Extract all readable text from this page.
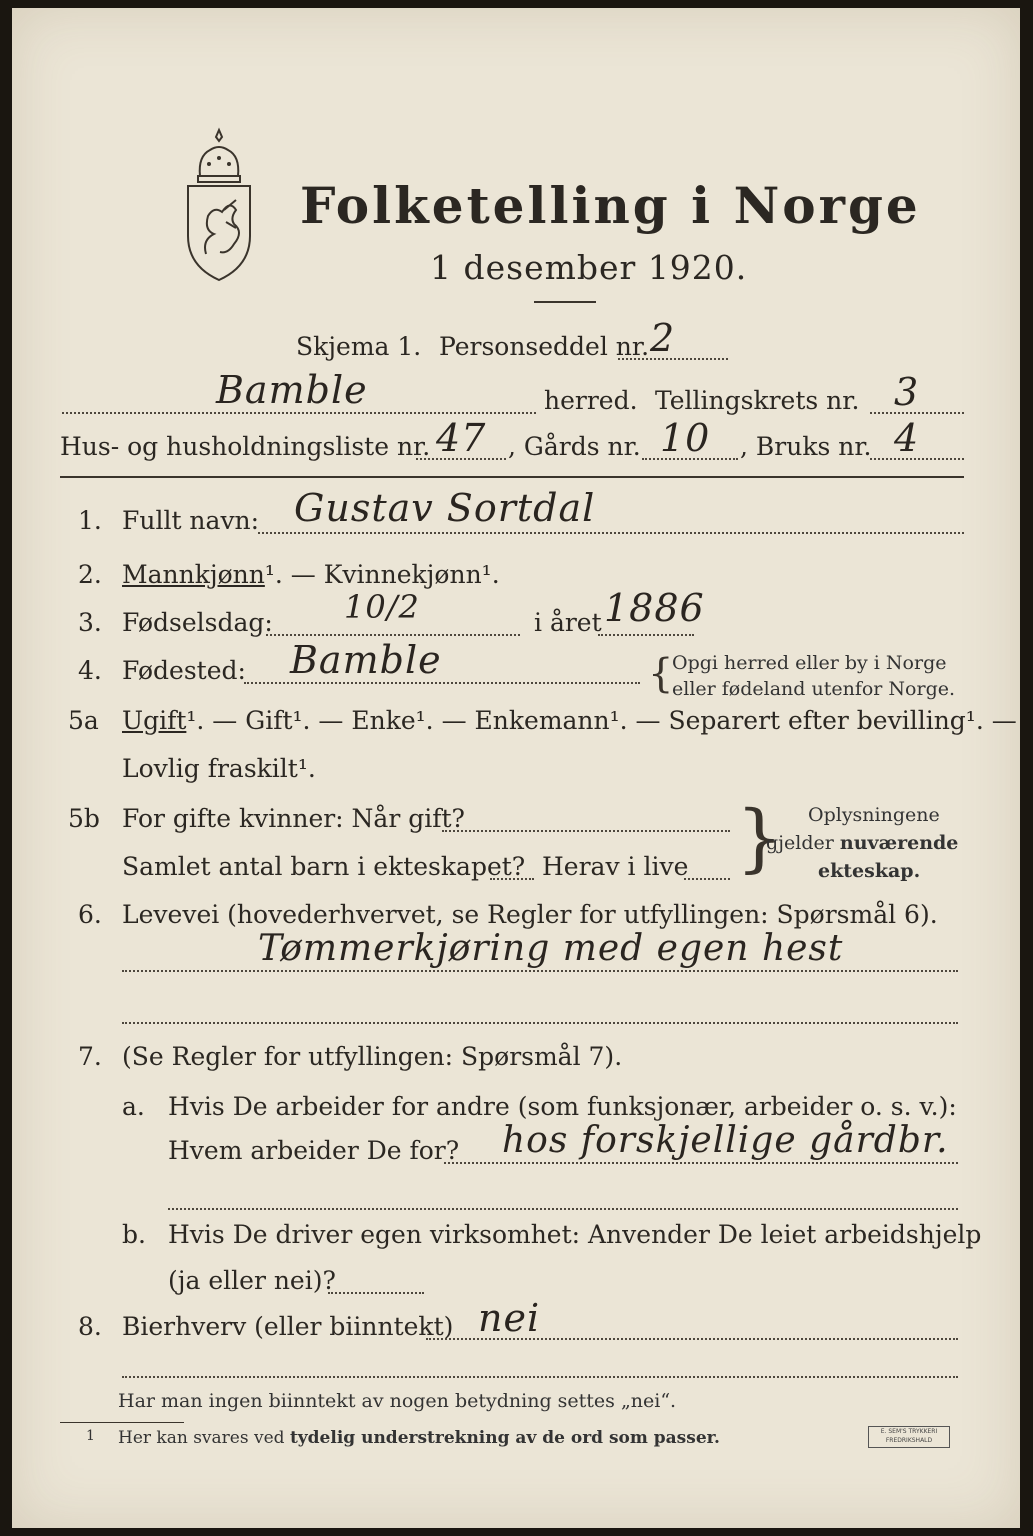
Folketelling i Norge
1 desember 1920.
Skjema 1. Personseddel nr. 2
Bamble	herred. Tellingskrets nr. 3
Hus- og husholdningsliste nr. 47 , Gårds nr. 10 , Bruks nr. 4
1. Fullt navn: Gustav Sortdal
2. Mannkjønn¹. — Kvinnekjønn¹.
3. Fødselsdag: 10/2	i året 1886
4. Fødested: Bamble	{
Opgi herred eller by i Norge
eller fødeland utenfor Norge.
5a Ugift¹. — Gift¹. — Enke¹. — Enkemann¹. — Separert efter bevilling¹. —
Lovlig fraskilt¹.
5b For gifte kvinner: Når gift?
Samlet antal barn i ekteskapet? Herav i live } Oplysningene
gjelder nuværende
ekteskap.
6. Levevei (hovederhvervet, se Regler for utfyllingen: Spørsmål 6).
Tømmerkjøring med egen hest
7. (Se Regler for utfyllingen: Spørsmål 7).
a. Hvis De arbeider for andre (som funksjonær, arbeider o. s. v.):
Hvem arbeider De for? hos forskjellige gårdbr.
b. Hvis De driver egen virksomhet: Anvender De leiet arbeidshjelp
(ja eller nei)?
8. Bierhverv (eller biinntekt) nei
Har man ingen biinntekt av nogen betydning settes „nei“.
1 Her kan svares ved tydelig understrekning av de ord som passer.	E. SEM'S TRYKKERI
FREDRIKSHALD
